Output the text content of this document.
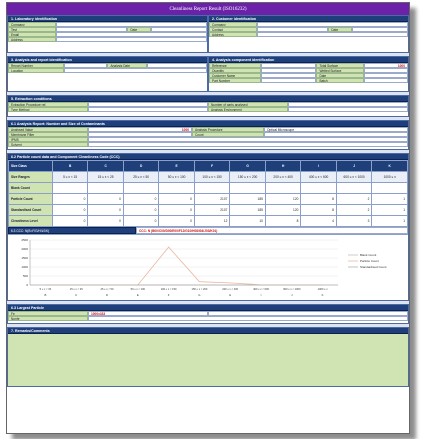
Cleanliness Report Result (ISO16232)
1. Laboratory identification
Company
Test	Date
Email
Address
2. Customer identification
Company
Contact	Date
Address
3. Analysis and report identification
Report Number	Analysis Date
Location
4. Analysis component identification
Reference	Total Surface	1000
Quantity	Wetted Surface
Customer Name	Date
Part Number	Batch
5. Extraction conditions
Extraction Procedure ref.	Number of parts analysed
Type Method	Analysis Environment
6.1 Analysis Report: Number and Size of Contaminants
Analysed Value	1000	Analysis Procedure	Optical Microscope
Membrane Filter	Count
IPMS
Solvent
6.2 Particle count data and Component Cleanliness Code (CCC)
Size Class	B	C	D	E	F	G	H	I	J	K
Size Ranges	5 ≤ x < 15	15 ≤ x < 25	25 ≤ x < 50	50 ≤ x < 100	100 ≤ x < 150	150 ≤ x < 200	200 ≤ x < 400	400 ≤ x < 600	600 ≤ x < 1000	1000 ≤ x
Blank Count										
Particle Count	0	0	0	0	2107	185	120	8	2	1
Standardised Count	0	0	0	0	2107	185	120	8	2	1
Cleanliness Level	0	0	0	0	12	10	8	4	3	1
6.3 CCC: N(B=F/G/H/I/J/K)	CCC: N (B00/C00/D00/E00/F12/G10/H08/I04/J03/K01)
2500
2000
1500
1000
500
0
5 ≤ x < 15
B
15 ≤ x < 25
C
25 ≤ x < 50
D
50 ≤ x < 100
E
100 ≤ x < 150
F
150 ≤ x < 200
G
200 ≤ x < 400
H
400 ≤ x < 600
I
600 ≤ x < 1000
J
1000 ≤ x
K
Blank Count
Particle Count
Standardised Count
6.3 Largest Particle
Fe	1000x333
Nonfe
7. Remarks/Comments
